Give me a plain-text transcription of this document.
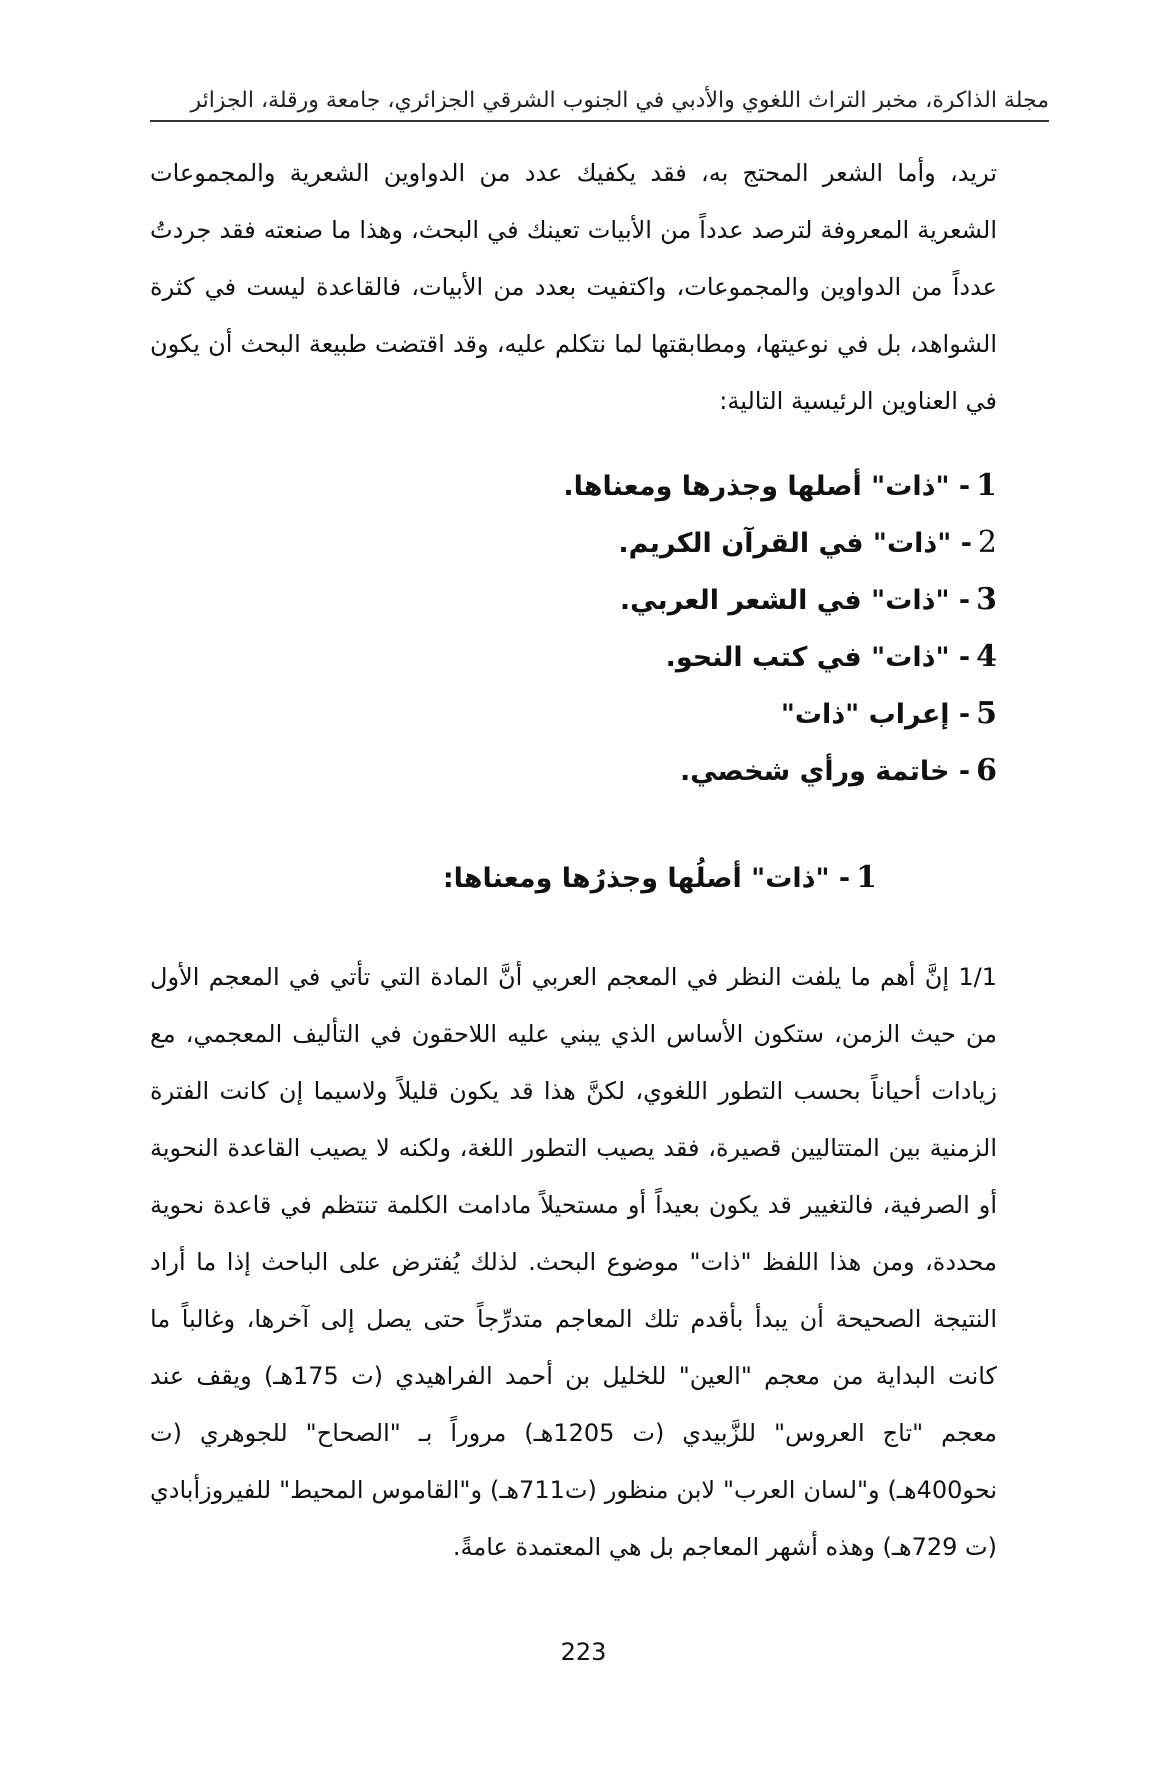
مجلة الذاكرة، مخبر التراث اللغوي والأدبي في الجنوب الشرقي الجزائري، جامعة ورقلة، الجزائر

تريد، وأما الشعر المحتج به، فقد يكفيك عدد من الدواوين الشعرية والمجموعات الشعرية المعروفة لترصد عدداً من الأبيات تعينك في البحث، وهذا ما صنعته فقد جردتُ عدداً من الدواوين والمجموعات، واكتفيت بعدد من الأبيات، فالقاعدة ليست في كثرة الشواهد، بل في نوعيتها، ومطابقتها لما نتكلم عليه، وقد اقتضت طبيعة البحث أن يكون في العناوين الرئيسية التالية:

1- "ذات" أصلها وجذرها ومعناها.
2- "ذات" في القرآن الكريم.
3- "ذات" في الشعر العربي.
4- "ذات" في كتب النحو.
5- إعراب "ذات"
6- خاتمة ورأي شخصي.
1- "ذات" أصلُها وجذرُها ومعناها:

1/1 إنَّ أهم ما يلفت النظر في المعجم العربي أنَّ المادة التي تأتي في المعجم الأول من حيث الزمن، ستكون الأساس الذي يبني عليه اللاحقون في التأليف المعجمي، مع زيادات أحياناً بحسب التطور اللغوي، لكنَّ هذا قد يكون قليلاً ولاسيما إن كانت الفترة الزمنية بين المتتاليين قصيرة، فقد يصيب التطور اللغة، ولكنه لا يصيب القاعدة النحوية أو الصرفية، فالتغيير قد يكون بعيداً أو مستحيلاً مادامت الكلمة تنتظم في قاعدة نحوية محددة، ومن هذا اللفظ "ذات" موضوع البحث. لذلك يُفترض على الباحث إذا ما أراد النتيجة الصحيحة أن يبدأ بأقدم تلك المعاجم متدرِّجاً حتى يصل إلى آخرها، وغالباً ما كانت البداية من معجم "العين" للخليل بن أحمد الفراهيدي (ت 175هـ) ويقف عند معجم "تاج العروس" للزَّبيدي (ت 1205هـ) مروراً بـ "الصحاح" للجوهري (ت نحو400هـ) و"لسان العرب" لابن منظور (ت711هـ) و"القاموس المحيط" للفيروزأبادي (ت 729هـ) وهذه أشهر المعاجم بل هي المعتمدة عامةً.

223
